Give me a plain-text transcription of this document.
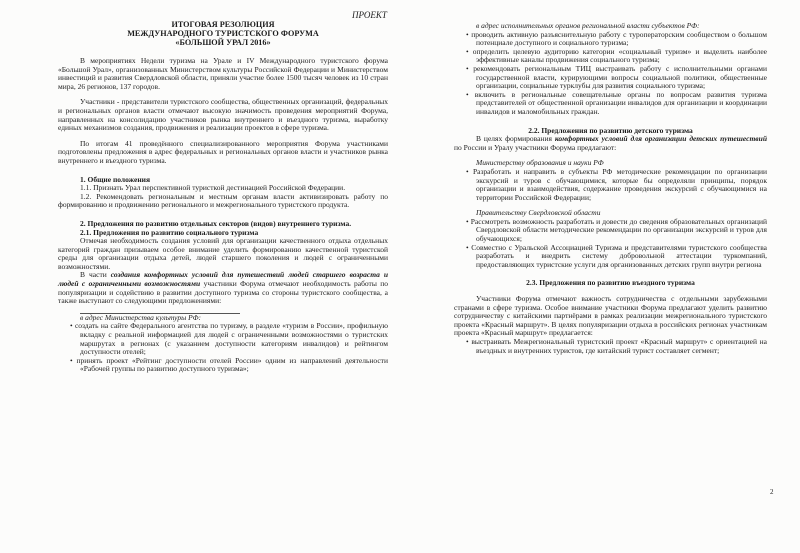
ПРОЕКТ
ИТОГОВАЯ РЕЗОЛЮЦИЯ
МЕЖДУНАРОДНОГО ТУРИСТСКОГО ФОРУМА
«БОЛЬШОЙ УРАЛ 2016»

В мероприятиях Недели туризма на Урале и IV Международного туристского форума «Большой Урал», организованных Министерством культуры Российской Федерации и Министерством инвестиций и развития Свердловской области, приняли участие более 1500 тысяч человек из 10 стран мира, 26 регионов, 137 городов.

Участники - представители туристского сообщества, общественных организаций, федеральных и региональных органов власти отмечают высокую значимость проведения мероприятий Форума, направленных на консолидацию участников рынка внутреннего и въездного туризма, выработку единых механизмов создания, продвижения и реализации проектов в сфере туризма.

По итогам 41 проведённого специализированного мероприятия Форума участниками подготовлены предложения в адрес федеральных и региональных органов власти и участников рынка внутреннего и въездного туризма.

1. Общие положения

1.1. Признать Урал перспективной туристкой дестинацией Российской Федерации.

1.2. Рекомендовать региональным и местным органам власти активизировать работу по формированию и продвижению регионального и межрегионального туристского продукта.

2. Предложения по развитию отдельных секторов (видов) внутреннего туризма.

2.1. Предложения по развитию социального туризма

Отмечая необходимость создания условий для организации качественного отдыха отдельных категорий граждан призываем особое внимание уделить формированию качественной туристской среды для организации отдыха детей, людей старшего поколения и людей с ограниченными возможностями.

В части создания комфортных условий для путешествий людей старшего возраста и людей с ограниченными возможностями участники Форума отмечают необходимость работы по популяризации и содействию в развитии доступного туризма со стороны туристского сообщества, а также выступают со следующими предложениями:

в адрес Министерства культуры РФ:

• создать на сайте Федерального агентства по туризму, в разделе «туризм в России», профильную вкладку с реальной информацией для людей с ограниченными возможностями о туристских маршрутах в регионах (с указанием доступности категориям инвалидов) и рейтингом доступности отелей;

• принять проект «Рейтинг доступности отелей России» одним из направлений деятельности «Рабочей группы по развитию доступного туризма»;

в адрес исполнительных органов региональной власти субъектов РФ:

• проводить активную разъяснительную работу с туроператорским сообществом о большом потенциале доступного и социального туризма;

• определить целевую аудиторию категории «социальный туризм» и выделить наиболее эффективные каналы продвижения социального туризма;

• рекомендовать региональным ТИЦ выстраивать работу с исполнительными органами государственной власти, курирующими вопросы социальной политики, общественные организации, социальные турклубы для развития социального туризма;

• включить в региональные совещательные органы по вопросам развития туризма представителей от общественной организации инвалидов для организации и координации инвалидов и маломобильных граждан.

2.2. Предложения по развитию детского туризма

В целях формирования комфортных условий для организации детских путешествий по России и Уралу участники Форума предлагают:

Министерству образования и науки РФ

• Разработать и направить в субъекты РФ методические рекомендации по организации экскурсий и туров с обучающимися, которые бы определяли принципы, порядок организации и взаимодействия, содержание проведения экскурсий с обучающимися на территории Российской Федерации;

Правительству Свердловской области

• Рассмотреть возможность разработать и довести до сведения образовательных организаций Свердловской области методические рекомендации по организации экскурсий и туров для обучающихся;

• Совместно с Уральской Ассоциацией Туризма и представителями туристского сообщества разработать и внедрить систему добровольной аттестации туркомпаний, предоставляющих туристские услуги для организованных детских групп внутри региона

2.3. Предложения по развитию въездного туризма

Участники Форума отмечают важность сотрудничества с отдельными зарубежными странами в сфере туризма. Особое внимание участники Форума предлагают уделить развитию сотрудничеству с китайскими партнёрами в рамках реализации межрегионального туристского проекта «Красный маршрут». В целях популяризации отдыха в российских регионах участникам проекта «Красный маршрут» предлагается:

• выстраивать Межрегиональный туристский проект «Красный маршрут» с ориентацией на въездных и внутренних туристов, где китайский турист составляет сегмент;

2
